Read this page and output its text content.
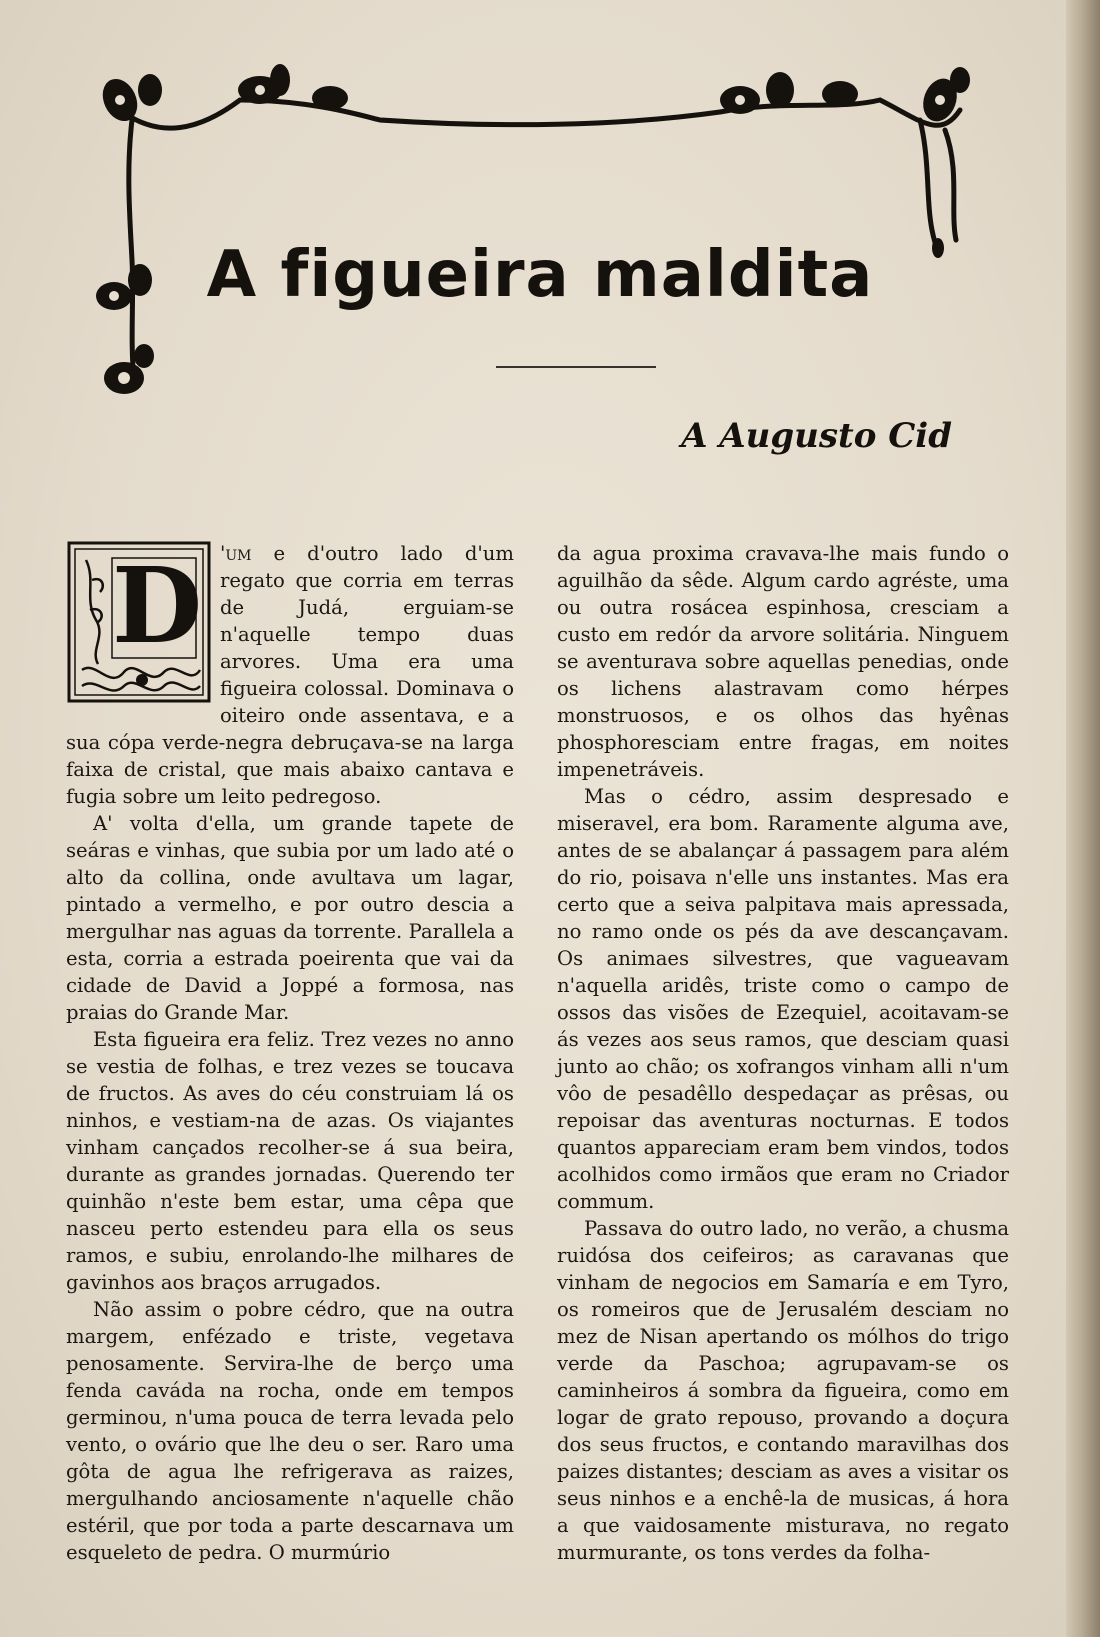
A figueira maldita
A Augusto Cid
D 'um e d'outro lado d'um regato que corria em terras de Judá, erguiam-se n'aquelle tempo duas arvores. Uma era uma figueira colossal. Dominava o oiteiro onde assentava, e a sua cópa verde-negra debruçava-se na larga faixa de cristal, que mais abaixo cantava e fugia sobre um leito pedregoso.

A' volta d'ella, um grande tapete de seáras e vinhas, que subia por um lado até o alto da collina, onde avultava um lagar, pintado a vermelho, e por outro descia a mergulhar nas aguas da torrente. Parallela a esta, corria a estrada poeirenta que vai da cidade de David a Joppé a formosa, nas praias do Grande Mar.

Esta figueira era feliz. Trez vezes no anno se vestia de folhas, e trez vezes se toucava de fructos. As aves do céu construiam lá os ninhos, e vestiam-na de azas. Os viajantes vinham cançados recolher-se á sua beira, durante as grandes jornadas. Querendo ter quinhão n'este bem estar, uma cêpa que nasceu perto estendeu para ella os seus ramos, e subiu, enrolando-lhe milhares de gavinhos aos braços arrugados.

Não assim o pobre cédro, que na outra margem, enfézado e triste, vegetava penosamente. Servira-lhe de berço uma fenda caváda na rocha, onde em tempos germinou, n'uma pouca de terra levada pelo vento, o ovário que lhe deu o ser. Raro uma gôta de agua lhe refrigerava as raizes, mergulhando anciosamente n'aquelle chão estéril, que por toda a parte descarnava um esqueleto de pedra. O murmúrio

da agua proxima cravava-lhe mais fundo o aguilhão da sêde. Algum cardo agréste, uma ou outra rosácea espinhosa, cresciam a custo em redór da arvore solitária. Ninguem se aventurava sobre aquellas penedias, onde os lichens alastravam como hérpes monstruosos, e os olhos das hyênas phosphoresciam entre fragas, em noites impenetráveis.

Mas o cédro, assim despresado e miseravel, era bom. Raramente alguma ave, antes de se abalançar á passagem para além do rio, poisava n'elle uns instantes. Mas era certo que a seiva palpitava mais apressada, no ramo onde os pés da ave descançavam. Os animaes silvestres, que vagueavam n'aquella aridês, triste como o campo de ossos das visões de Ezequiel, acoitavam-se ás vezes aos seus ramos, que desciam quasi junto ao chão; os xofrangos vinham alli n'um vôo de pesadêllo despedaçar as prêsas, ou repoisar das aventuras nocturnas. E todos quantos appareciam eram bem vindos, todos acolhidos como irmãos que eram no Criador commum.

Passava do outro lado, no verão, a chusma ruidósa dos ceifeiros; as caravanas que vinham de negocios em Samaría e em Tyro, os romeiros que de Jerusalém desciam no mez de Nisan apertando os mólhos do trigo verde da Paschoa; agrupavam-se os caminheiros á sombra da figueira, como em logar de grato repouso, provando a doçura dos seus fructos, e contando maravilhas dos paizes distantes; desciam as aves a visitar os seus ninhos e a enchê-la de musicas, á hora a que vaidosamente misturava, no regato murmurante, os tons verdes da folha-
